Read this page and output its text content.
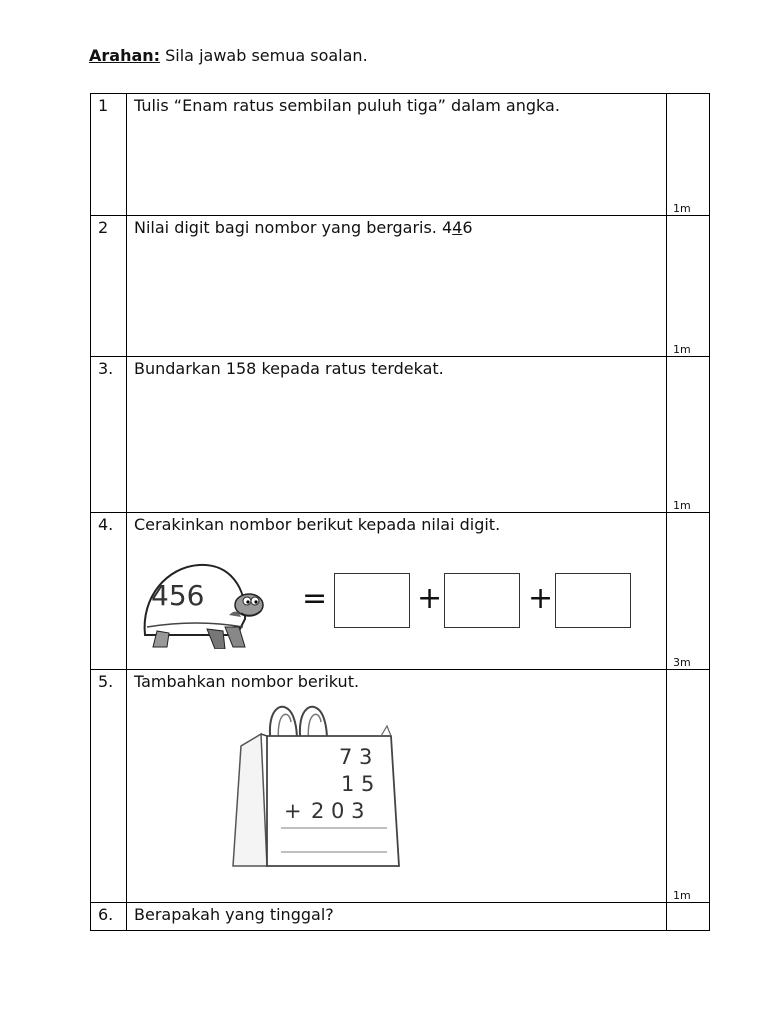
Arahan: Sila jawab semua soalan.
1	Tulis “Enam ratus sembilan puluh tiga” dalam angka.	1m

2	Nilai digit bagi nombor yang bergaris. 446	1m

3.	Bundarkan 158 kepada ratus terdekat.	1m

4.	Cerakinkan nombor berikut kepada nilai digit.
456 = + +	3m

5.	Tambahkan nombor berikut.
7 3
1 5
+ 2 0 3	1m

6.	Berapakah yang tinggal?	
